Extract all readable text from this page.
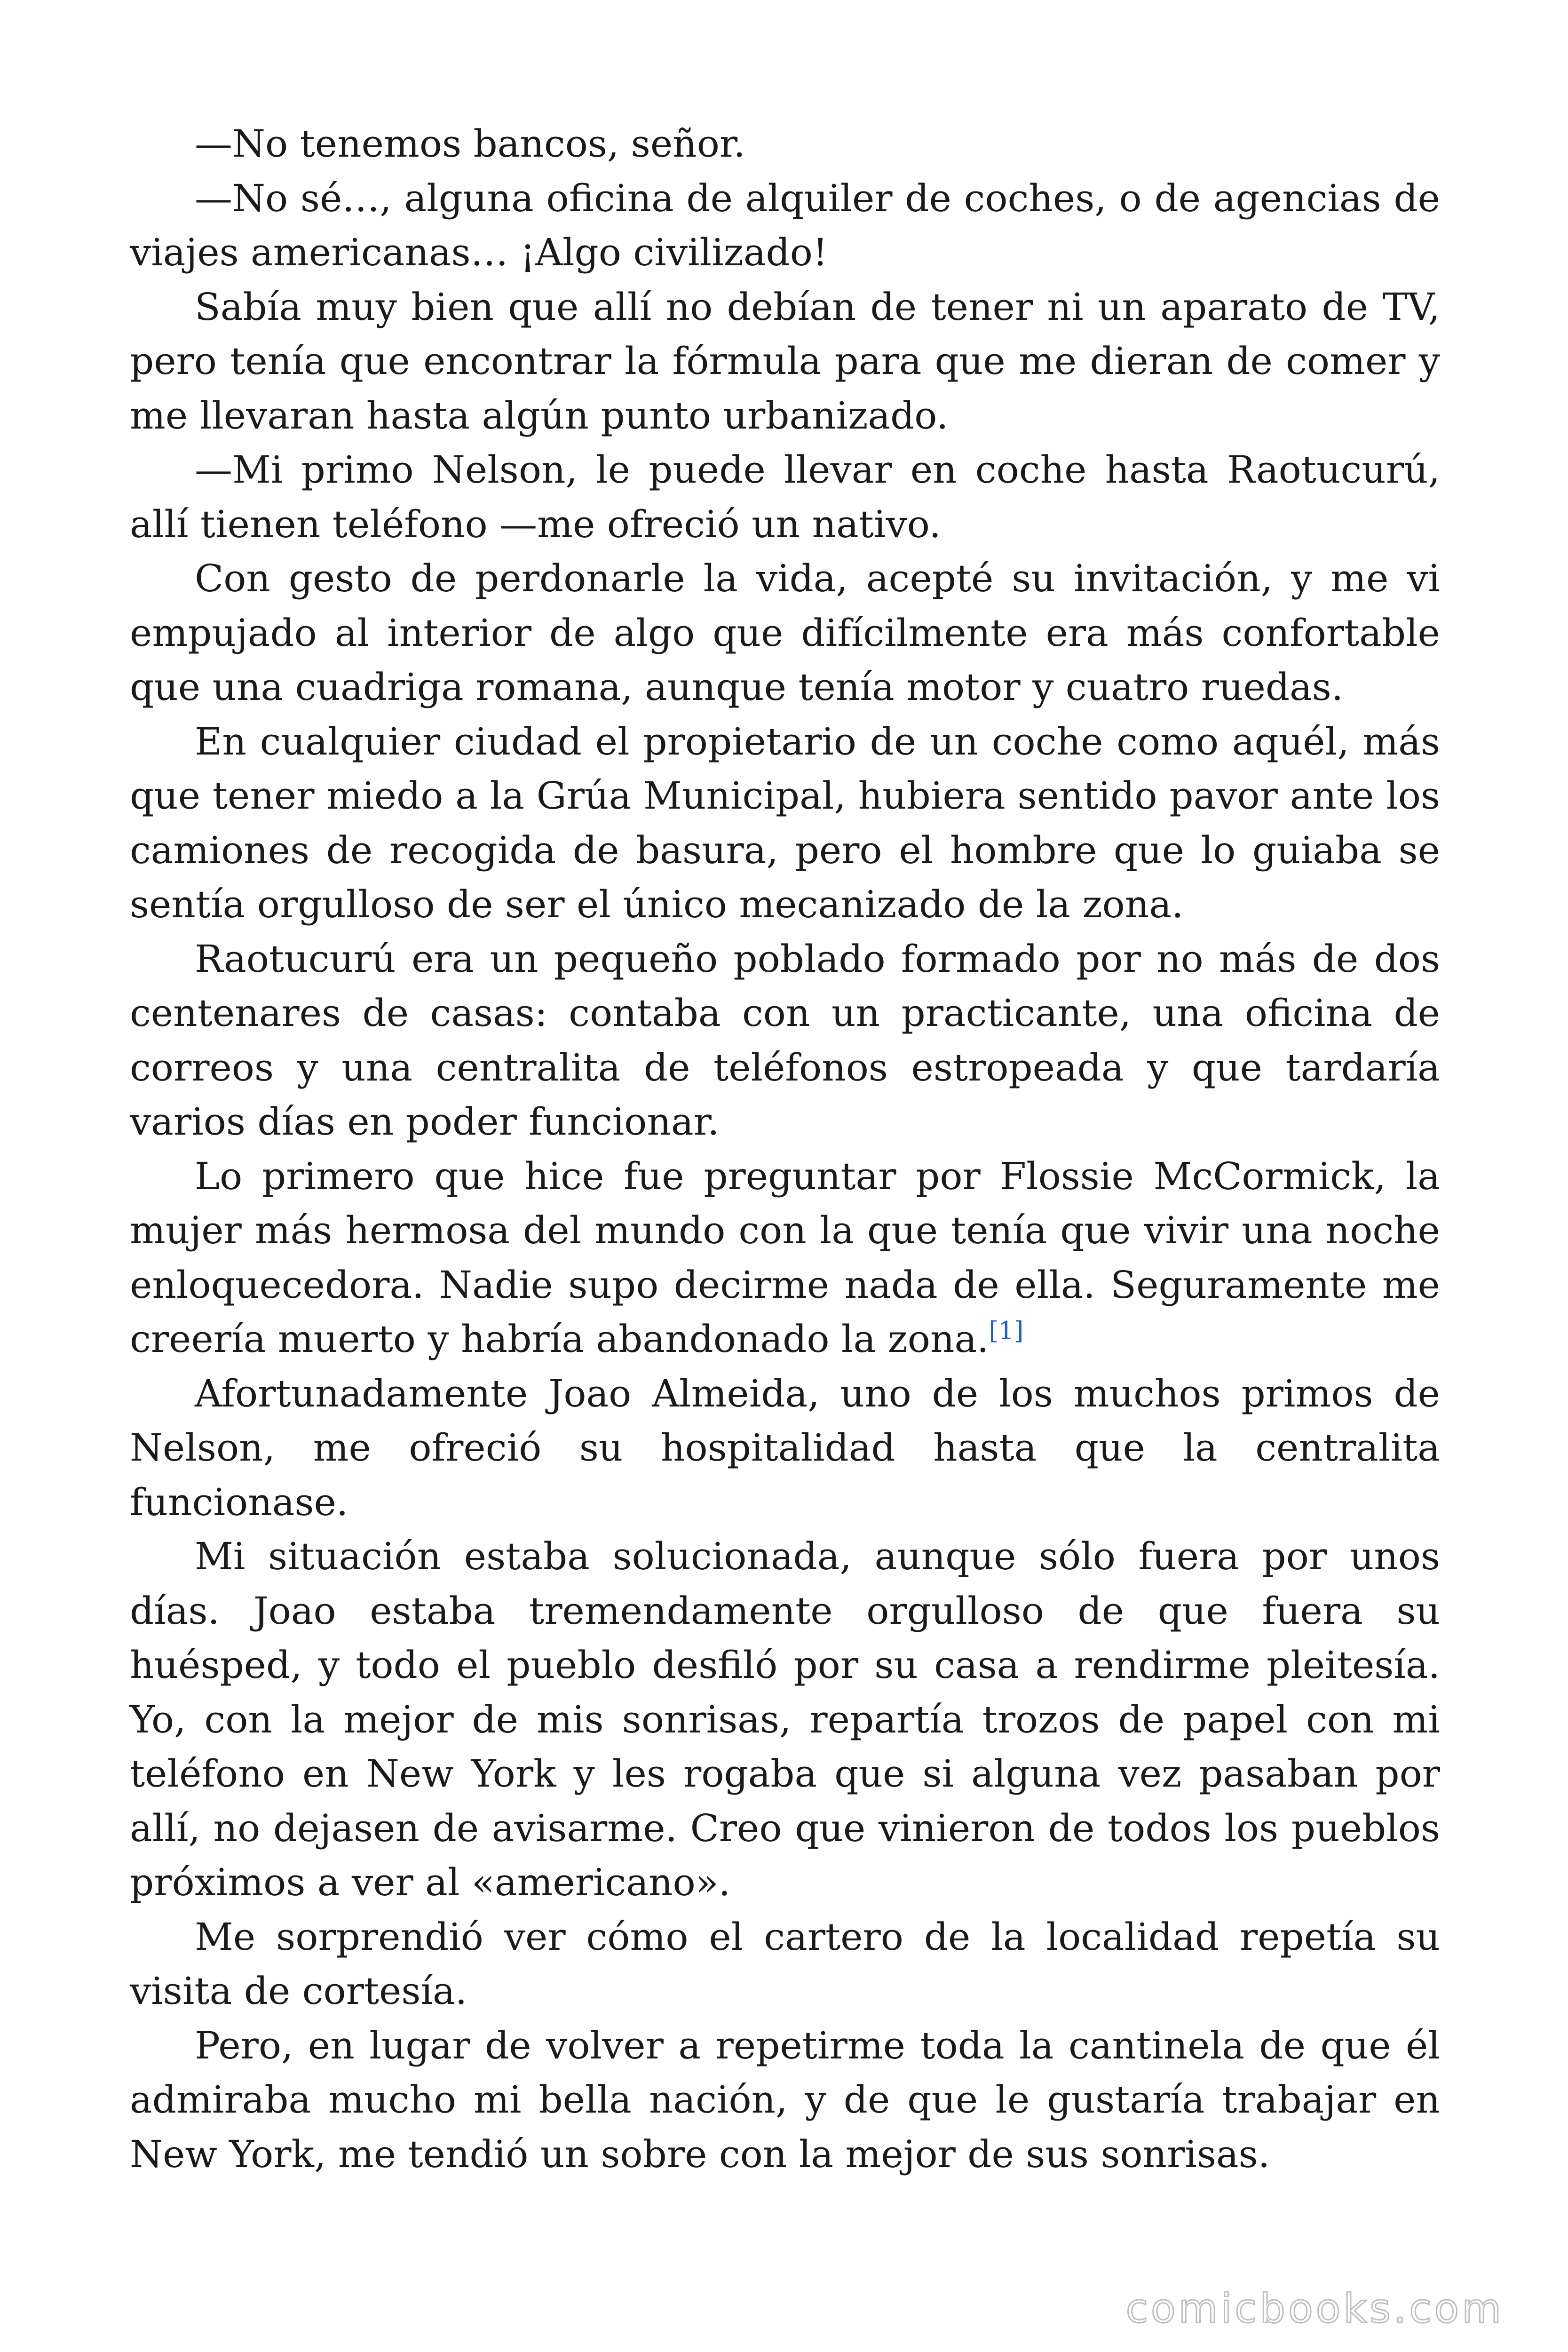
—No tenemos bancos, señor.

—No sé…, alguna oficina de alquiler de coches, o de agencias de viajes americanas… ¡Algo civilizado!

Sabía muy bien que allí no debían de tener ni un aparato de TV, pero tenía que encontrar la fórmula para que me dieran de comer y me llevaran hasta algún punto urbanizado.

—Mi primo Nelson, le puede llevar en coche hasta Raotucurú, allí tienen teléfono —me ofreció un nativo.

Con gesto de perdonarle la vida, acepté su invitación, y me vi empujado al interior de algo que difícilmente era más confortable que una cuadriga romana, aunque tenía motor y cuatro ruedas.

En cualquier ciudad el propietario de un coche como aquél, más que tener miedo a la Grúa Municipal, hubiera sentido pavor ante los camiones de recogida de basura, pero el hombre que lo guiaba se sentía orgulloso de ser el único mecanizado de la zona.

Raotucurú era un pequeño poblado formado por no más de dos centenares de casas: contaba con un practicante, una oficina de correos y una centralita de teléfonos estropeada y que tardaría varios días en poder funcionar.

Lo primero que hice fue preguntar por Flossie McCormick, la mujer más hermosa del mundo con la que tenía que vivir una noche enloquecedora. Nadie supo decirme nada de ella. Seguramente me creería muerto y habría abandonado la zona.[1]

Afortunadamente Joao Almeida, uno de los muchos primos de Nelson, me ofreció su hospitalidad hasta que la centralita funcionase.

Mi situación estaba solucionada, aunque sólo fuera por unos días. Joao estaba tremendamente orgulloso de que fuera su huésped, y todo el pueblo desfiló por su casa a rendirme pleitesía. Yo, con la mejor de mis sonrisas, repartía trozos de papel con mi teléfono en New York y les rogaba que si alguna vez pasaban por allí, no dejasen de avisarme. Creo que vinieron de todos los pueblos próximos a ver al «americano».

Me sorprendió ver cómo el cartero de la localidad repetía su visita de cortesía.

Pero, en lugar de volver a repetirme toda la cantinela de que él admiraba mucho mi bella nación, y de que le gustaría trabajar en New York, me tendió un sobre con la mejor de sus sonrisas.

comicbooks.com
